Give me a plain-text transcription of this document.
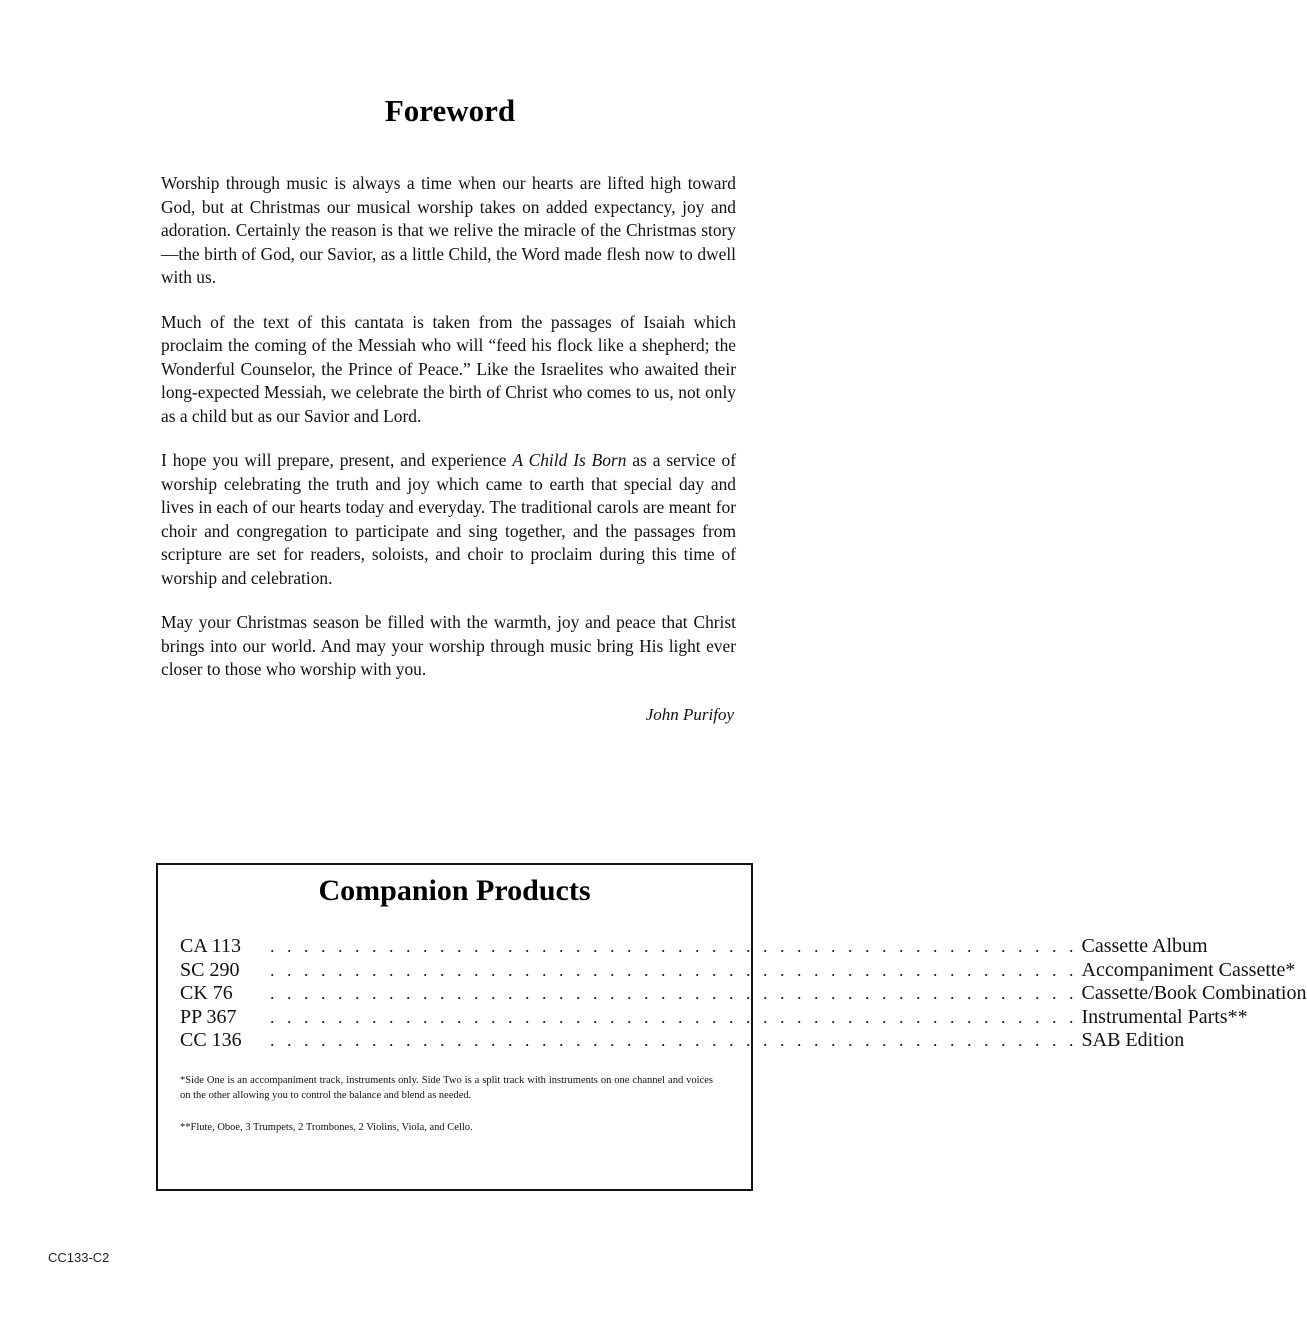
Foreword

Worship through music is always a time when our hearts are lifted high toward God, but at Christmas our musical worship takes on added expectancy, joy and adoration. Certainly the reason is that we relive the miracle of the Christmas story—the birth of God, our Savior, as a little Child, the Word made flesh now to dwell with us.

Much of the text of this cantata is taken from the passages of Isaiah which proclaim the coming of the Messiah who will “feed his flock like a shepherd; the Wonderful Counselor, the Prince of Peace.” Like the Israelites who awaited their long-expected Messiah, we celebrate the birth of Christ who comes to us, not only as a child but as our Savior and Lord.

I hope you will prepare, present, and experience A Child Is Born as a service of worship celebrating the truth and joy which came to earth that special day and lives in each of our hearts today and everyday. The traditional carols are meant for choir and congregation to participate and sing together, and the passages from scripture are set for readers, soloists, and choir to proclaim during this time of worship and celebration.

May your Christmas season be filled with the warmth, joy and peace that Christ brings into our world. And may your worship through music bring His light ever closer to those who worship with you.

John Purifoy

Companion Products
CA 113	. . . . . . . . . . . . . . . . . . . . . . . . . . . . . . . . . . . . . . . . . . . . . . . . Cassette Album
SC 290	. . . . . . . . . . . . . . . . . . . . . . . . . . . . . . . . . . . . . . . . . . . . . . . . Accompaniment Cassette*
CK 76	. . . . . . . . . . . . . . . . . . . . . . . . . . . . . . . . . . . . . . . . . . . . . . . . Cassette/Book Combination
PP 367	. . . . . . . . . . . . . . . . . . . . . . . . . . . . . . . . . . . . . . . . . . . . . . . . Instrumental Parts**
CC 136	. . . . . . . . . . . . . . . . . . . . . . . . . . . . . . . . . . . . . . . . . . . . . . . . SAB Edition

*Side One is an accompaniment track, instruments only. Side Two is a split track with instruments on one channel and voices on the other allowing you to control the balance and blend as needed.

**Flute, Oboe, 3 Trumpets, 2 Trombones, 2 Violins, Viola, and Cello.

CC133-C2
